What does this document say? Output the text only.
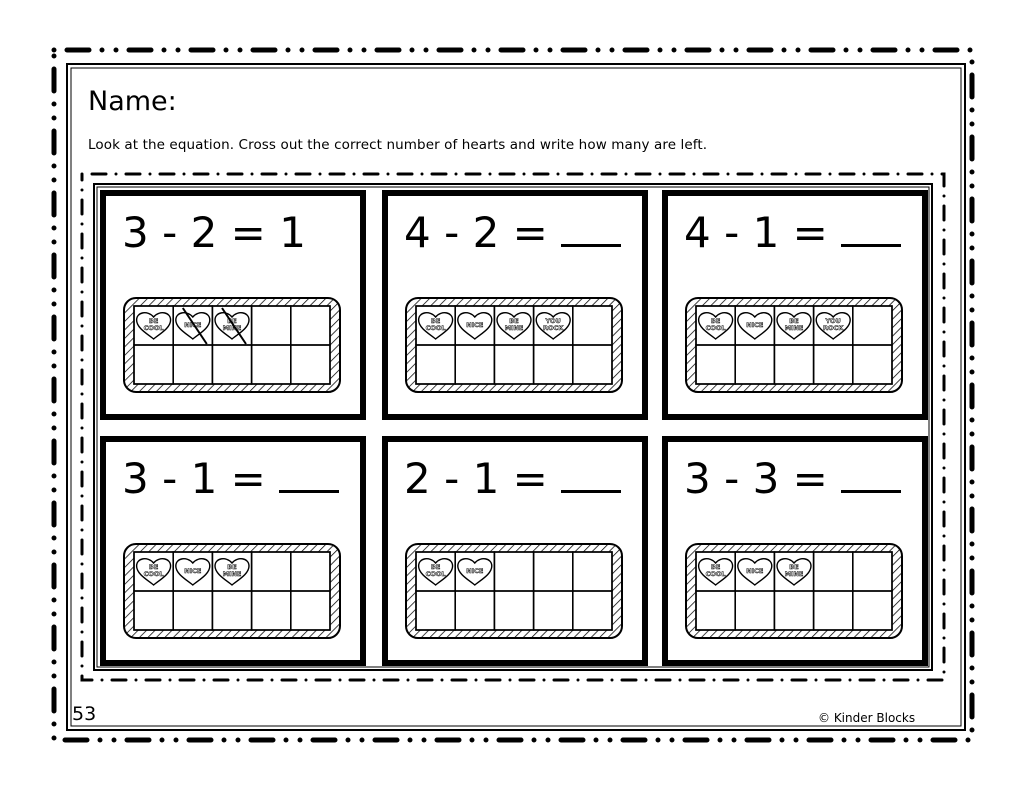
Name:
Look at the equation. Cross out the correct number of hearts and write how many are left.
3 - 2 = 1
BE
COOL	NICE	BE
MINE
4 - 2 =
BE
COOL	NICE	BE
MINE
YOU
ROCK
4 - 1 =
BE
COOL	NICE	BE
MINE
YOU
ROCK
3 - 1 =
BE
COOL	NICE	BE
MINE
2 - 1 =
BE
COOL	NICE
3 - 3 =
BE
COOL	NICE	BE
MINE
53	© Kinder Blocks
